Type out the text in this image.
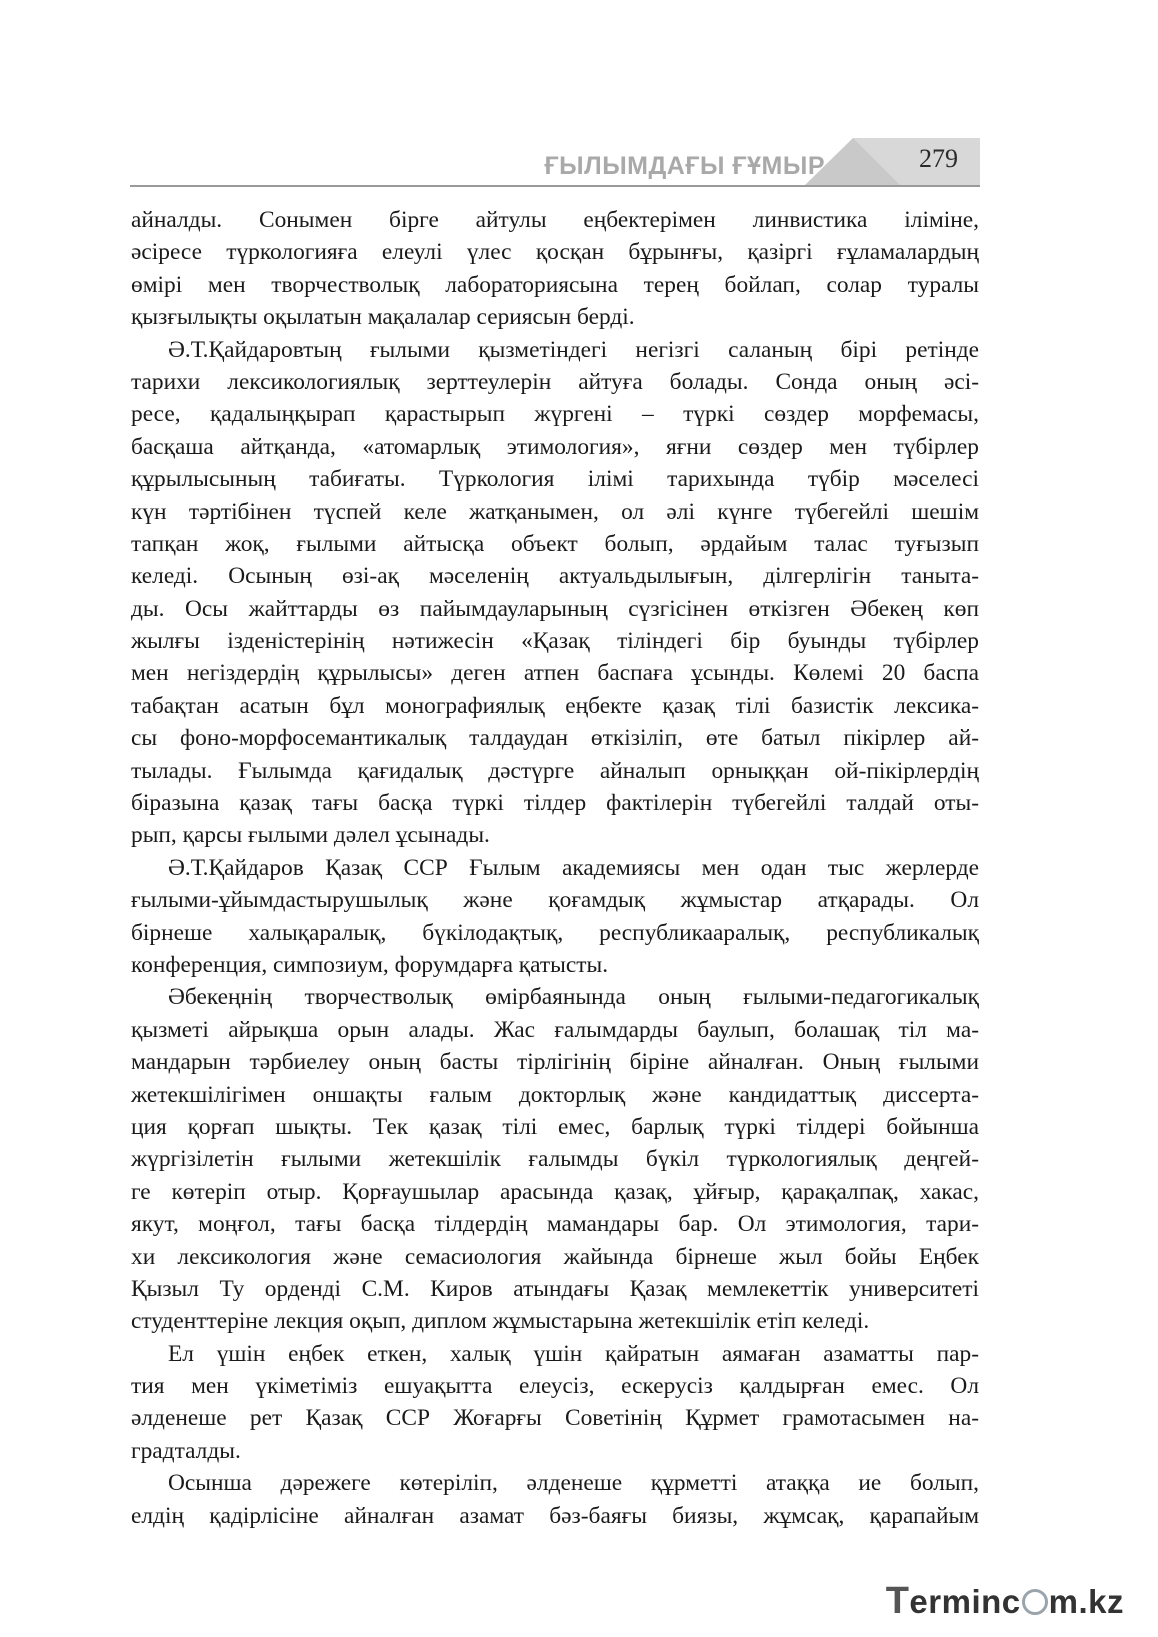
ҒЫЛЫМДАҒЫ ҒҰМЫР	279
айналды. Сонымен бірге айтулы еңбектерімен линвистика іліміне,
әсіресе түркологияға елеулі үлес қосқан бұрынғы, қазіргі ғұламалардың
өмірі мен творчестволық лабораториясына терең бойлап, солар туралы
қызғылықты оқылатын мақалалар сериясын берді.
Ә.Т.Қайдаровтың ғылыми қызметіндегі негізгі саланың бірі ретінде
тарихи лексикологиялық зерттеулерін айтуға болады. Сонда оның әсі-
ресе, қадалыңқырап қарастырып жүргені – түркі сөздер морфемасы,
басқаша айтқанда, «атомарлық этимология», яғни сөздер мен түбірлер
құрылысының табиғаты. Түркология ілімі тарихында түбір мәселесі
күн тәртібінен түспей келе жатқанымен, ол әлі күнге түбегейлі шешім
тапқан жоқ, ғылыми айтысқа объект болып, әрдайым талас туғызып
келеді. Осының өзі-ақ мәселенің актуальдылығын, ділгерлігін таныта-
ды. Осы жайттарды өз пайымдауларының сүзгісінен өткізген Әбекең көп
жылғы ізденістерінің нәтижесін «Қазақ тіліндегі бір буынды түбірлер
мен негіздердің құрылысы» деген атпен баспаға ұсынды. Көлемі 20 баспа
табақтан асатын бұл монографиялық еңбекте қазақ тілі базистік лексика-
сы фоно-морфосемантикалық талдаудан өткізіліп, өте батыл пікірлер ай-
тылады. Ғылымда қағидалық дәстүрге айналып орныққан ой-пікірлердің
біразына қазақ тағы басқа түркі тілдер фактілерін түбегейлі талдай оты-
рып, қарсы ғылыми дәлел ұсынады.
Ә.Т.Қайдаров Қазақ ССР Ғылым академиясы мен одан тыс жерлерде
ғылыми-ұйымдастырушылық және қоғамдық жұмыстар атқарады. Ол
бірнеше халықаралық, бүкілодақтық, республикааралық, республикалық
конференция, симпозиум, форумдарға қатысты.
Әбекеңнің творчестволық өмірбаянында оның ғылыми-педагогикалық
қызметі айрықша орын алады. Жас ғалымдарды баулып, болашақ тіл ма-
мандарын тәрбиелеу оның басты тірлігінің біріне айналған. Оның ғылыми
жетекшілігімен оншақты ғалым докторлық және кандидаттық диссерта-
ция қорғап шықты. Тек қазақ тілі емес, барлық түркі тілдері бойынша
жүргізілетін ғылыми жетекшілік ғалымды бүкіл түркологиялық деңгей-
ге көтеріп отыр. Қорғаушылар арасында қазақ, ұйғыр, қарақалпақ, хакас,
якут, моңғол, тағы басқа тілдердің мамандары бар. Ол этимология, тари-
хи лексикология және семасиология жайында бірнеше жыл бойы Еңбек
Қызыл Ту орденді С.М. Киров атындағы Қазақ мемлекеттік университеті
студенттеріне лекция оқып, диплом жұмыстарына жетекшілік етіп келеді.
Ел үшін еңбек еткен, халық үшін қайратын аямаған азаматты пар-
тия мен үкіметіміз ешуақытта елеусіз, ескерусіз қалдырған емес. Ол
әлденеше рет Қазақ ССР Жоғарғы Советінің Құрмет грамотасымен на-
градталды.
Осынша дәрежеге көтеріліп, әлденеше құрметті атаққа ие болып,
елдің қадірлісіне айналған азамат бәз-баяғы биязы, жұмсақ, қарапайым
Terminc m.kz
